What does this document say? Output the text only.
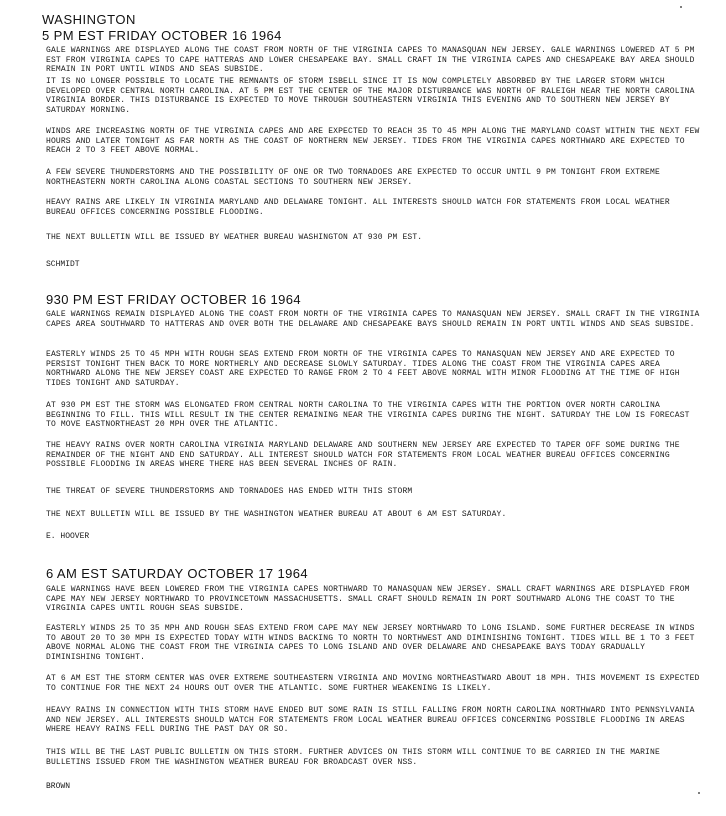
WASHINGTON
5 PM EST FRIDAY OCTOBER 16 1964
GALE WARNINGS ARE DISPLAYED ALONG THE COAST FROM NORTH OF THE VIRGINIA CAPES TO MANASQUAN NEW JERSEY. GALE WARNINGS LOWERED AT 5 PM EST FROM VIRGINIA CAPES TO CAPE HATTERAS AND LOWER CHESAPEAKE BAY. SMALL CRAFT IN THE VIRGINIA CAPES AND CHESAPEAKE BAY AREA SHOULD REMAIN IN PORT UNTIL WINDS AND SEAS SUBSIDE.
IT IS NO LONGER POSSIBLE TO LOCATE THE REMNANTS OF STORM ISBELL SINCE IT IS NOW COMPLETELY ABSORBED BY THE LARGER STORM WHICH DEVELOPED OVER CENTRAL NORTH CAROLINA. AT 5 PM EST THE CENTER OF THE MAJOR DISTURBANCE WAS NORTH OF RALEIGH NEAR THE NORTH CAROLINA VIRGINIA BORDER. THIS DISTURBANCE IS EXPECTED TO MOVE THROUGH SOUTHEASTERN VIRGINIA THIS EVENING AND TO SOUTHERN NEW JERSEY BY SATURDAY MORNING.
WINDS ARE INCREASING NORTH OF THE VIRGINIA CAPES AND ARE EXPECTED TO REACH 35 TO 45 MPH ALONG THE MARYLAND COAST WITHIN THE NEXT FEW HOURS AND LATER TONIGHT AS FAR NORTH AS THE COAST OF NORTHERN NEW JERSEY. TIDES FROM THE VIRGINIA CAPES NORTHWARD ARE EXPECTED TO REACH 2 TO 3 FEET ABOVE NORMAL.
A FEW SEVERE THUNDERSTORMS AND THE POSSIBILITY OF ONE OR TWO TORNADOES ARE EXPECTED TO OCCUR UNTIL 9 PM TONIGHT FROM EXTREME NORTHEASTERN NORTH CAROLINA ALONG COASTAL SECTIONS TO SOUTHERN NEW JERSEY.
HEAVY RAINS ARE LIKELY IN VIRGINIA MARYLAND AND DELAWARE TONIGHT. ALL INTERESTS SHOULD WATCH FOR STATEMENTS FROM LOCAL WEATHER BUREAU OFFICES CONCERNING POSSIBLE FLOODING.
THE NEXT BULLETIN WILL BE ISSUED BY WEATHER BUREAU WASHINGTON AT 930 PM EST.
SCHMIDT
930 PM EST FRIDAY OCTOBER 16 1964
GALE WARNINGS REMAIN DISPLAYED ALONG THE COAST FROM NORTH OF THE VIRGINIA CAPES TO MANASQUAN NEW JERSEY. SMALL CRAFT IN THE VIRGINIA CAPES AREA SOUTHWARD TO HATTERAS AND OVER BOTH THE DELAWARE AND CHESAPEAKE BAYS SHOULD REMAIN IN PORT UNTIL WINDS AND SEAS SUBSIDE.
EASTERLY WINDS 25 TO 45 MPH WITH ROUGH SEAS EXTEND FROM NORTH OF THE VIRGINIA CAPES TO MANASQUAN NEW JERSEY AND ARE EXPECTED TO PERSIST TONIGHT THEN BACK TO MORE NORTHERLY AND DECREASE SLOWLY SATURDAY. TIDES ALONG THE COAST FROM THE VIRGINIA CAPES AREA NORTHWARD ALONG THE NEW JERSEY COAST ARE EXPECTED TO RANGE FROM 2 TO 4 FEET ABOVE NORMAL WITH MINOR FLOODING AT THE TIME OF HIGH TIDES TONIGHT AND SATURDAY.
AT 930 PM EST THE STORM WAS ELONGATED FROM CENTRAL NORTH CAROLINA TO THE VIRGINIA CAPES WITH THE PORTION OVER NORTH CAROLINA BEGINNING TO FILL. THIS WILL RESULT IN THE CENTER REMAINING NEAR THE VIRGINIA CAPES DURING THE NIGHT. SATURDAY THE LOW IS FORECAST TO MOVE EASTNORTHEAST 20 MPH OVER THE ATLANTIC.
THE HEAVY RAINS OVER NORTH CAROLINA VIRGINIA MARYLAND DELAWARE AND SOUTHERN NEW JERSEY ARE EXPECTED TO TAPER OFF SOME DURING THE REMAINDER OF THE NIGHT AND END SATURDAY. ALL INTEREST SHOULD WATCH FOR STATEMENTS FROM LOCAL WEATHER BUREAU OFFICES CONCERNING POSSIBLE FLOODING IN AREAS WHERE THERE HAS BEEN SEVERAL INCHES OF RAIN.
THE THREAT OF SEVERE THUNDERSTORMS AND TORNADOES HAS ENDED WITH THIS STORM
THE NEXT BULLETIN WILL BE ISSUED BY THE WASHINGTON WEATHER BUREAU AT ABOUT 6 AM EST SATURDAY.
E. HOOVER
6 AM EST SATURDAY OCTOBER 17 1964
GALE WARNINGS HAVE BEEN LOWERED FROM THE VIRGINIA CAPES NORTHWARD TO MANASQUAN NEW JERSEY. SMALL CRAFT WARNINGS ARE DISPLAYED FROM CAPE MAY NEW JERSEY NORTHWARD TO PROVINCETOWN MASSACHUSETTS. SMALL CRAFT SHOULD REMAIN IN PORT SOUTHWARD ALONG THE COAST TO THE VIRGINIA CAPES UNTIL ROUGH SEAS SUBSIDE.
EASTERLY WINDS 25 TO 35 MPH AND ROUGH SEAS EXTEND FROM CAPE MAY NEW JERSEY NORTHWARD TO LONG ISLAND. SOME FURTHER DECREASE IN WINDS TO ABOUT 20 TO 30 MPH IS EXPECTED TODAY WITH WINDS BACKING TO NORTH TO NORTHWEST AND DIMINISHING TONIGHT. TIDES WILL BE 1 TO 3 FEET ABOVE NORMAL ALONG THE COAST FROM THE VIRGINIA CAPES TO LONG ISLAND AND OVER DELAWARE AND CHESAPEAKE BAYS TODAY GRADUALLY DIMINISHING TONIGHT.
AT 6 AM EST THE STORM CENTER WAS OVER EXTREME SOUTHEASTERN VIRGINIA AND MOVING NORTHEASTWARD ABOUT 18 MPH. THIS MOVEMENT IS EXPECTED TO CONTINUE FOR THE NEXT 24 HOURS OUT OVER THE ATLANTIC. SOME FURTHER WEAKENING IS LIKELY.
HEAVY RAINS IN CONNECTION WITH THIS STORM HAVE ENDED BUT SOME RAIN IS STILL FALLING FROM NORTH CAROLINA NORTHWARD INTO PENNSYLVANIA AND NEW JERSEY. ALL INTERESTS SHOULD WATCH FOR STATEMENTS FROM LOCAL WEATHER BUREAU OFFICES CONCERNING POSSIBLE FLOODING IN AREAS WHERE HEAVY RAINS FELL DURING THE PAST DAY OR SO.
THIS WILL BE THE LAST PUBLIC BULLETIN ON THIS STORM. FURTHER ADVICES ON THIS STORM WILL CONTINUE TO BE CARRIED IN THE MARINE BULLETINS ISSUED FROM THE WASHINGTON WEATHER BUREAU FOR BROADCAST OVER NSS.
BROWN
